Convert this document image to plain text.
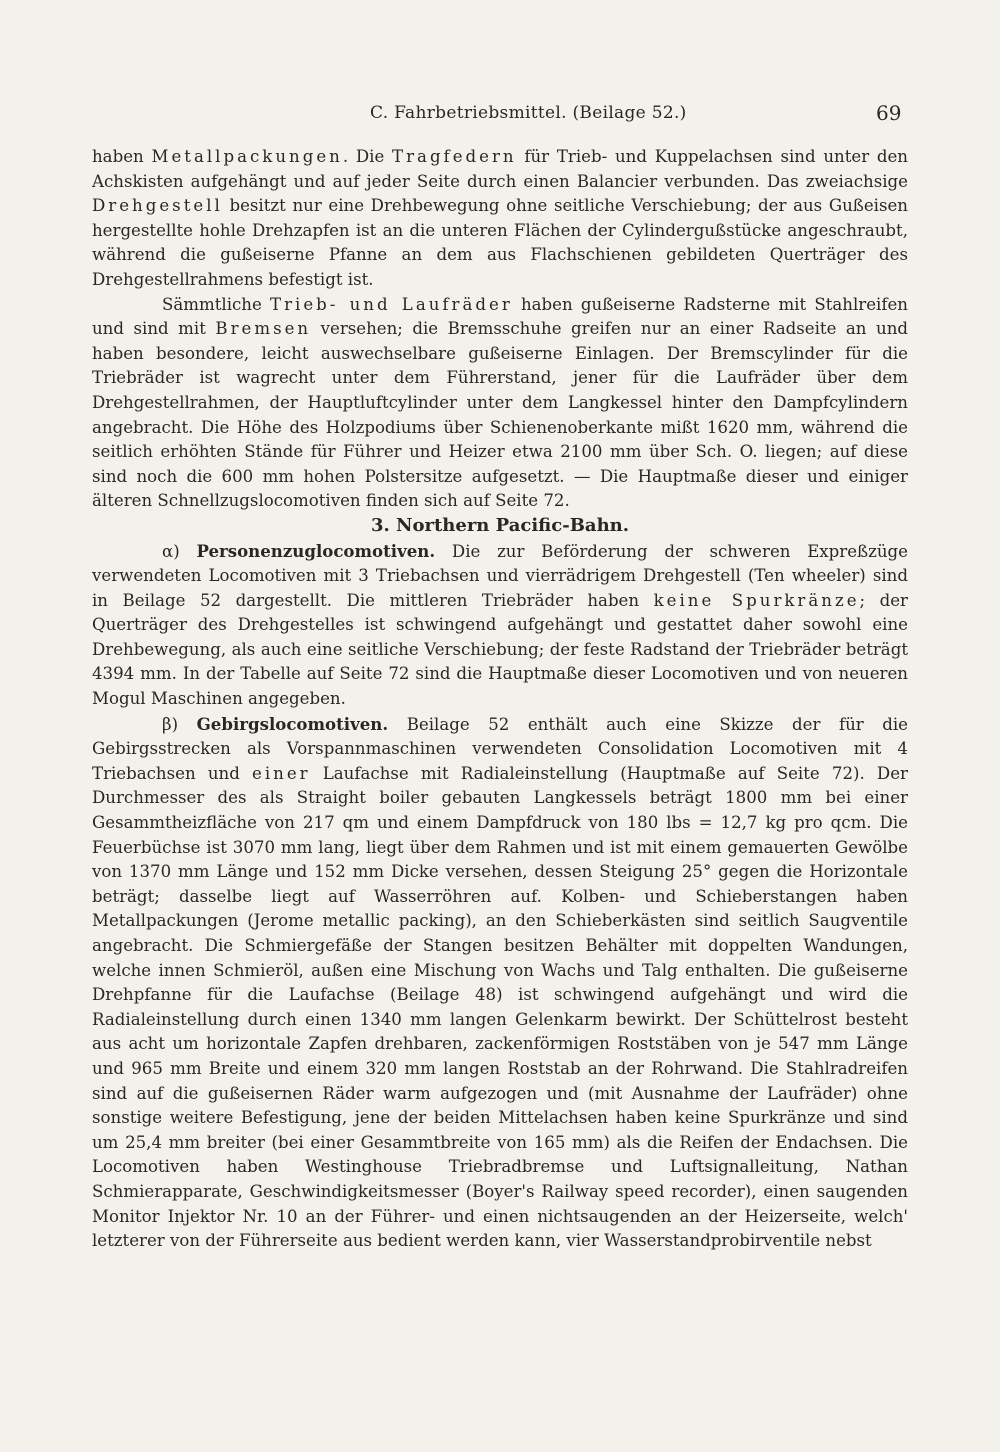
C. Fahrbetriebsmittel. (Beilage 52.)	69

haben Metallpackungen. Die Tragfedern für Trieb- und Kuppelachsen sind unter den Achskisten aufgehängt und auf jeder Seite durch einen Balancier verbunden. Das zweiachsige Drehgestell besitzt nur eine Drehbewegung ohne seitliche Verschiebung; der aus Gußeisen hergestellte hohle Drehzapfen ist an die unteren Flächen der Cylindergußstücke angeschraubt, während die gußeiserne Pfanne an dem aus Flachschienen gebildeten Querträger des Drehgestellrahmens befestigt ist.

Sämmtliche Trieb- und Laufräder haben gußeiserne Radsterne mit Stahlreifen und sind mit Bremsen versehen; die Bremsschuhe greifen nur an einer Radseite an und haben besondere, leicht auswechselbare gußeiserne Einlagen. Der Bremscylinder für die Triebräder ist wagrecht unter dem Führerstand, jener für die Laufräder über dem Drehgestellrahmen, der Hauptluftcylinder unter dem Langkessel hinter den Dampfcylindern angebracht. Die Höhe des Holzpodiums über Schienenoberkante mißt 1620 mm, während die seitlich erhöhten Stände für Führer und Heizer etwa 2100 mm über Sch. O. liegen; auf diese sind noch die 600 mm hohen Polstersitze aufgesetzt. — Die Hauptmaße dieser und einiger älteren Schnellzugslocomotiven finden sich auf Seite 72.

3. Northern Pacific-Bahn.

α) Personenzuglocomotiven. Die zur Beförderung der schweren Expreßzüge verwendeten Locomotiven mit 3 Triebachsen und vierrädrigem Drehgestell (Ten wheeler) sind in Beilage 52 dargestellt. Die mittleren Triebräder haben keine Spurkränze; der Querträger des Drehgestelles ist schwingend aufgehängt und gestattet daher sowohl eine Drehbewegung, als auch eine seitliche Verschiebung; der feste Radstand der Triebräder beträgt 4394 mm. In der Tabelle auf Seite 72 sind die Hauptmaße dieser Locomotiven und von neueren Mogul Maschinen angegeben.

β) Gebirgslocomotiven. Beilage 52 enthält auch eine Skizze der für die Gebirgsstrecken als Vorspannmaschinen verwendeten Consolidation Locomotiven mit 4 Triebachsen und einer Laufachse mit Radialeinstellung (Hauptmaße auf Seite 72). Der Durchmesser des als Straight boiler gebauten Langkessels beträgt 1800 mm bei einer Gesammtheizfläche von 217 qm und einem Dampfdruck von 180 lbs = 12,7 kg pro qcm. Die Feuerbüchse ist 3070 mm lang, liegt über dem Rahmen und ist mit einem gemauerten Gewölbe von 1370 mm Länge und 152 mm Dicke versehen, dessen Steigung 25° gegen die Horizontale beträgt; dasselbe liegt auf Wasserröhren auf. Kolben- und Schieberstangen haben Metallpackungen (Jerome metallic packing), an den Schieberkästen sind seitlich Saugventile angebracht. Die Schmiergefäße der Stangen besitzen Behälter mit doppelten Wandungen, welche innen Schmieröl, außen eine Mischung von Wachs und Talg enthalten. Die gußeiserne Drehpfanne für die Laufachse (Beilage 48) ist schwingend aufgehängt und wird die Radialeinstellung durch einen 1340 mm langen Gelenkarm bewirkt. Der Schüttelrost besteht aus acht um horizontale Zapfen drehbaren, zackenförmigen Roststäben von je 547 mm Länge und 965 mm Breite und einem 320 mm langen Roststab an der Rohrwand. Die Stahlradreifen sind auf die gußeisernen Räder warm aufgezogen und (mit Ausnahme der Laufräder) ohne sonstige weitere Befestigung, jene der beiden Mittelachsen haben keine Spurkränze und sind um 25,4 mm breiter (bei einer Gesammtbreite von 165 mm) als die Reifen der Endachsen. Die Locomotiven haben Westinghouse Triebradbremse und Luftsignalleitung, Nathan Schmierapparate, Geschwindigkeitsmesser (Boyer's Railway speed recorder), einen saugenden Monitor Injektor Nr. 10 an der Führer- und einen nichtsaugenden an der Heizerseite, welch' letzterer von der Führerseite aus bedient werden kann, vier Wasserstandprobirventile nebst
